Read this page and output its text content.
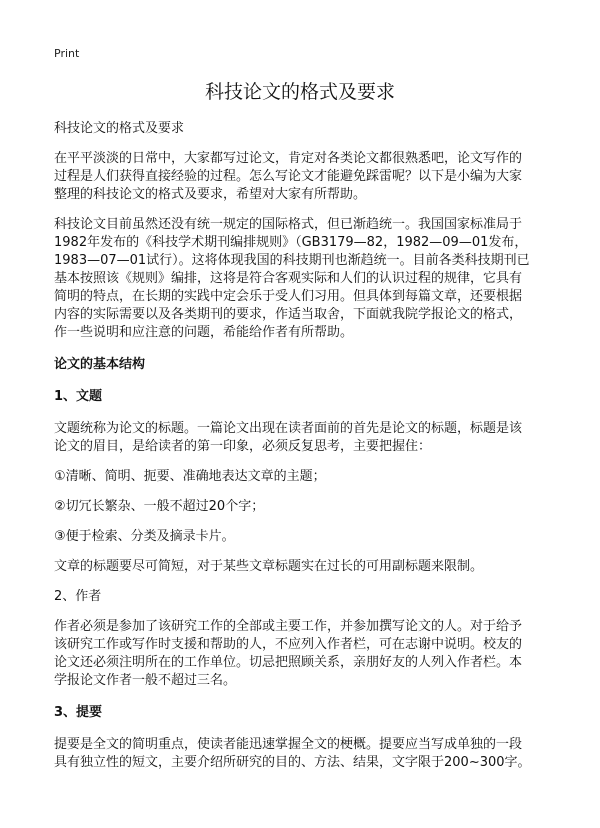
Print
科技论文的格式及要求

科技论文的格式及要求

在平平淡淡的日常中，大家都写过论文，肯定对各类论文都很熟悉吧，论文写作的
过程是人们获得直接经验的过程。怎么写论文才能避免踩雷呢？以下是小编为大家
整理的科技论文的格式及要求，希望对大家有所帮助。

科技论文目前虽然还没有统一规定的国际格式，但已渐趋统一。我国国家标准局于
1982年发布的《科技学术期刊编排规则》（GB3179—82，1982—09—01发布，
1983—07—01试行）。这将体现我国的科技期刊也渐趋统一。目前各类科技期刊已
基本按照该《规则》编排，这将是符合客观实际和人们的认识过程的规律，它具有
简明的特点，在长期的实践中定会乐于受人们习用。但具体到每篇文章，还要根据
内容的实际需要以及各类期刊的要求，作适当取舍，下面就我院学报论文的格式，
作一些说明和应注意的问题，希能给作者有所帮助。

论文的基本结构

1、文题

文题统称为论文的标题。一篇论文出现在读者面前的首先是论文的标题，标题是该
论文的眉目，是给读者的第一印象，必须反复思考，主要把握住：

①清晰、简明、扼要、准确地表达文章的主题；

②切冗长繁杂、一般不超过20个字；

③便于检索、分类及摘录卡片。

文章的标题要尽可简短，对于某些文章标题实在过长的可用副标题来限制。

2、作者

作者必须是参加了该研究工作的全部或主要工作，并参加撰写论文的人。对于给予
该研究工作或写作时支援和帮助的人，不应列入作者栏，可在志谢中说明。校友的
论文还必须注明所在的工作单位。切忌把照顾关系，亲朋好友的人列入作者栏。本
学报论文作者一般不超过三名。

3、提要

提要是全文的简明重点，使读者能迅速掌握全文的梗概。提要应当写成单独的一段
具有独立性的短文，主要介绍所研究的目的、方法、结果，文字限于200~300字。
